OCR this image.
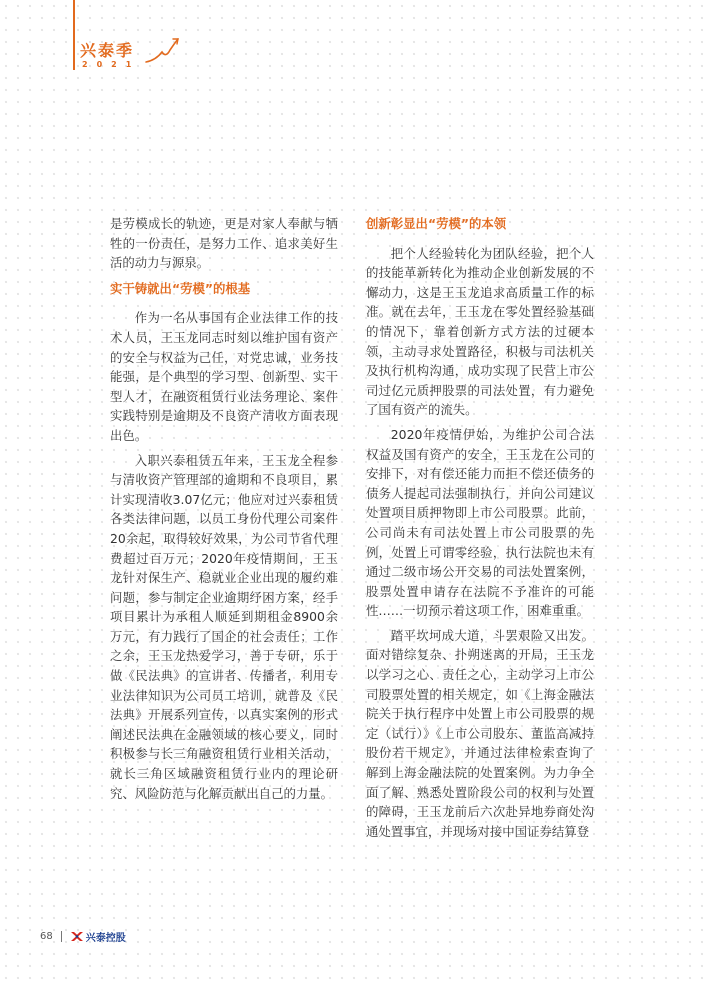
兴泰季
2021

是劳模成长的轨迹，更是对家人奉献与牺牲的一份责任，是努力工作、追求美好生活的动力与源泉。

实干铸就出“劳模”的根基

作为一名从事国有企业法律工作的技术人员，王玉龙同志时刻以维护国有资产的安全与权益为己任，对党忠诚，业务技能强，是个典型的学习型、创新型、实干型人才，在融资租赁行业法务理论、案件实践特别是逾期及不良资产清收方面表现出色。

入职兴泰租赁五年来，王玉龙全程参与清收资产管理部的逾期和不良项目，累计实现清收3.07亿元；他应对过兴泰租赁各类法律问题，以员工身份代理公司案件20余起，取得较好效果，为公司节省代理费超过百万元；2020年疫情期间，王玉龙针对保生产、稳就业企业出现的履约难问题，参与制定企业逾期纾困方案，经手项目累计为承租人顺延到期租金8900余万元，有力践行了国企的社会责任；工作之余，王玉龙热爱学习，善于专研，乐于做《民法典》的宣讲者、传播者，利用专业法律知识为公司员工培训，就普及《民法典》开展系列宣传，以真实案例的形式阐述民法典在金融领域的核心要义，同时积极参与长三角融资租赁行业相关活动，就长三角区域融资租赁行业内的理论研究、风险防范与化解贡献出自己的力量。

创新彰显出“劳模”的本领

把个人经验转化为团队经验，把个人的技能革新转化为推动企业创新发展的不懈动力，这是王玉龙追求高质量工作的标准。就在去年，王玉龙在零处置经验基础的情况下，靠着创新方式方法的过硬本领，主动寻求处置路径，积极与司法机关及执行机构沟通，成功实现了民营上市公司过亿元质押股票的司法处置，有力避免了国有资产的流失。

2020年疫情伊始，为维护公司合法权益及国有资产的安全，王玉龙在公司的安排下，对有偿还能力而拒不偿还债务的债务人提起司法强制执行，并向公司建议处置项目质押物即上市公司股票。此前，公司尚未有司法处置上市公司股票的先例，处置上可谓零经验，执行法院也未有通过二级市场公开交易的司法处置案例，股票处置申请存在法院不予准许的可能性……一切预示着这项工作，困难重重。

踏平坎坷成大道，斗罢艰险又出发。面对错综复杂、扑朔迷离的开局，王玉龙以学习之心、责任之心，主动学习上市公司股票处置的相关规定，如《上海金融法院关于执行程序中处置上市公司股票的规定（试行）》《上市公司股东、董监高减持股份若干规定》，并通过法律检索查询了解到上海金融法院的处置案例。为力争全面了解、熟悉处置阶段公司的权利与处置的障碍，王玉龙前后六次赴异地券商处沟通处置事宜，并现场对接中国证券结算登

68	兴泰控股
